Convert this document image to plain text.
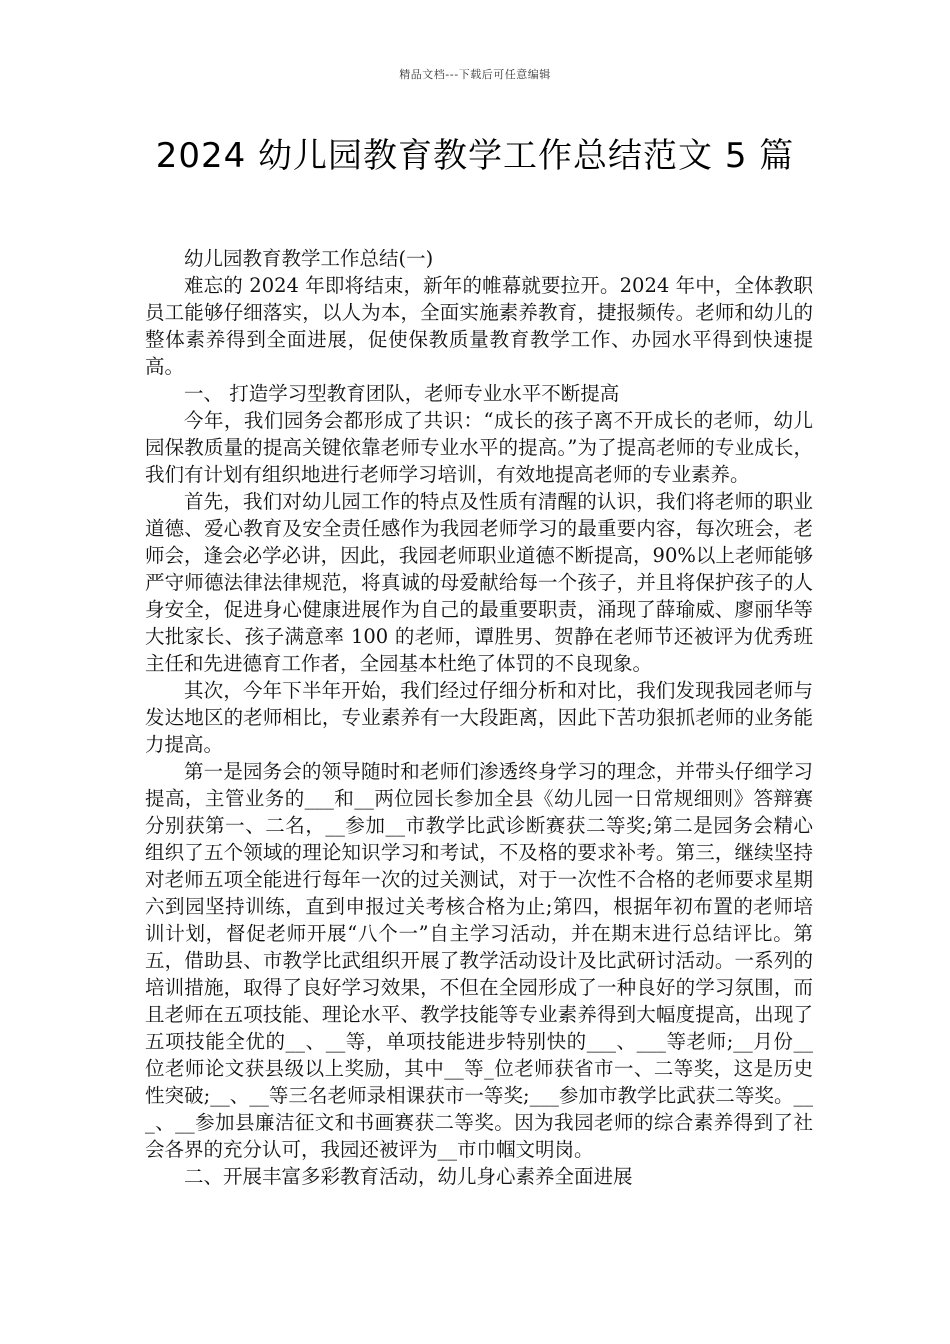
精品文档---下载后可任意编辑
2024 幼儿园教育教学工作总结范文 5 篇

幼儿园教育教学工作总结(一)

难忘的 2024 年即将结束，新年的帷幕就要拉开。2024 年中，全体教职员工能够仔细落实，以人为本，全面实施素养教育，捷报频传。老师和幼儿的整体素养得到全面进展，促使保教质量教育教学工作、办园水平得到快速提高。

一、 打造学习型教育团队，老师专业水平不断提高

今年，我们园务会都形成了共识：“成长的孩子离不开成长的老师，幼儿园保教质量的提高关键依靠老师专业水平的提高。”为了提高老师的专业成长，我们有计划有组织地进行老师学习培训，有效地提高老师的专业素养。

首先，我们对幼儿园工作的特点及性质有清醒的认识，我们将老师的职业道德、爱心教育及安全责任感作为我园老师学习的最重要内容，每次班会，老师会，逢会必学必讲，因此，我园老师职业道德不断提高，90%以上老师能够严守师德法律法律规范，将真诚的母爱献给每一个孩子，并且将保护孩子的人身安全，促进身心健康进展作为自己的最重要职责，涌现了薛瑜威、廖丽华等大批家长、孩子满意率 100 的老师，谭胜男、贺静在老师节还被评为优秀班主任和先进德育工作者，全园基本杜绝了体罚的不良现象。

其次，今年下半年开始，我们经过仔细分析和对比，我们发现我园老师与发达地区的老师相比，专业素养有一大段距离，因此下苦功狠抓老师的业务能力提高。

第一是园务会的领导随时和老师们渗透终身学习的理念，并带头仔细学习提高，主管业务的___和__两位园长参加全县《幼儿园一日常规细则》答辩赛分别获第一、二名，__参加__市教学比武诊断赛获二等奖;第二是园务会精心组织了五个领域的理论知识学习和考试，不及格的要求补考。第三，继续坚持对老师五项全能进行每年一次的过关测试，对于一次性不合格的老师要求星期六到园坚持训练，直到申报过关考核合格为止;第四，根据年初布置的老师培训计划，督促老师开展“八个一”自主学习活动，并在期末进行总结评比。第五，借助县、市教学比武组织开展了教学活动设计及比武研讨活动。一系列的培训措施，取得了良好学习效果，不但在全园形成了一种良好的学习氛围，而且老师在五项技能、理论水平、教学技能等专业素养得到大幅度提高，出现了五项技能全优的__、__等，单项技能进步特别快的___、___等老师;__月份__位老师论文获县级以上奖励，其中__等_位老师获省市一、二等奖，这是历史性突破;__、__等三名老师录相课获市一等奖;___参加市教学比武获二等奖。___、__参加县廉洁征文和书画赛获二等奖。因为我园老师的综合素养得到了社会各界的充分认可，我园还被评为__市巾帼文明岗。

二、开展丰富多彩教育活动，幼儿身心素养全面进展
